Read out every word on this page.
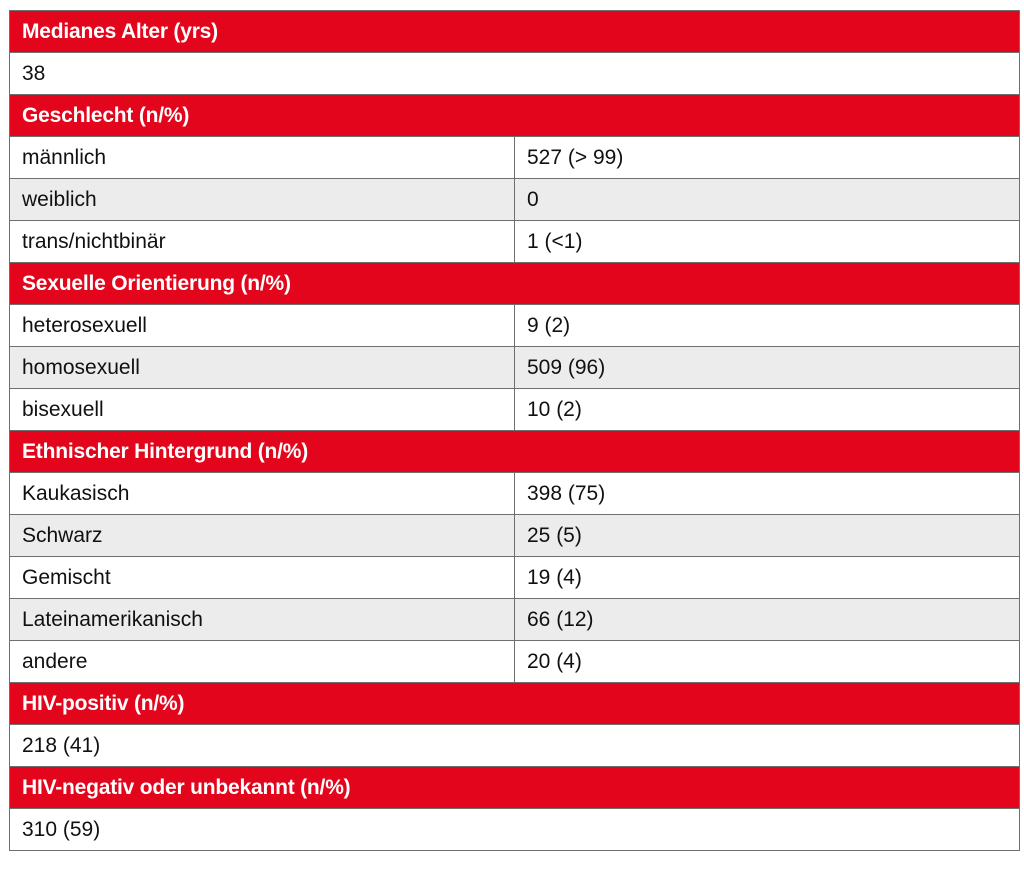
Medianes Alter (yrs)	
38	
Geschlecht (n/%)	
männlich	527 (> 99)
weiblich	0
trans/nichtbinär	1 (<1)
Sexuelle Orientierung (n/%)	
heterosexuell	9 (2)
homosexuell	509 (96)
bisexuell	10 (2)
Ethnischer Hintergrund (n/%)	
Kaukasisch	398 (75)
Schwarz	25 (5)
Gemischt	19 (4)
Lateinamerikanisch	66 (12)
andere	20 (4)
HIV-positiv (n/%)	
218 (41)	
HIV-negativ oder unbekannt (n/%)	
310 (59)	
